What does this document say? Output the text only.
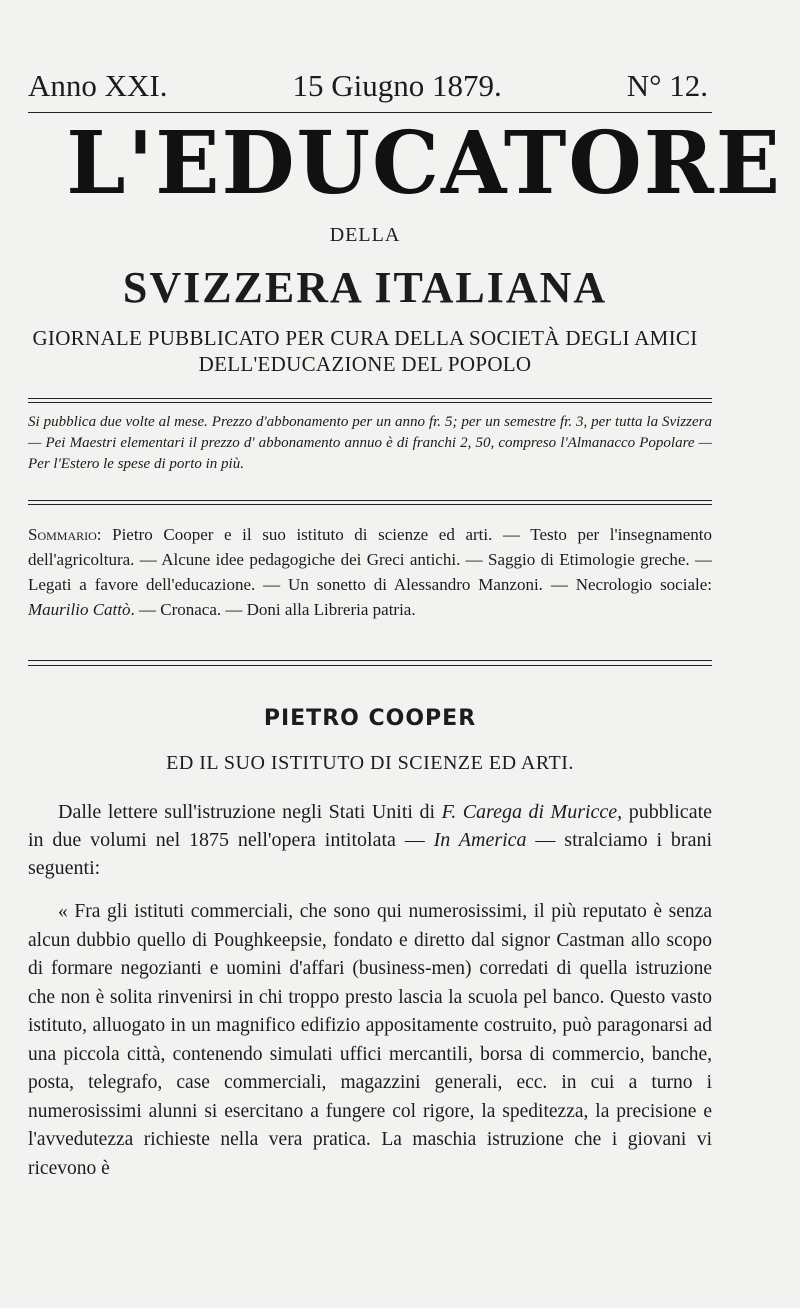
Anno XXI.	15 Giugno 1879.	N° 12.
L'EDUCATORE
DELLA
SVIZZERA ITALIANA
GIORNALE PUBBLICATO PER CURA DELLA SOCIETÀ DEGLI AMICI
DELL'EDUCAZIONE DEL POPOLO
Si pubblica due volte al mese. Prezzo d'abbonamento per un anno fr. 5; per un semestre fr. 3, per tutta la Svizzera — Pei Maestri elementari il prezzo d' abbonamento annuo è di franchi 2, 50, compreso l'Almanacco Popolare — Per l'Estero le spese di porto in più.
Sommario: Pietro Cooper e il suo istituto di scienze ed arti. — Testo per l'insegnamento dell'agricoltura. — Alcune idee pedagogiche dei Greci antichi. — Saggio di Etimologie greche. — Legati a favore dell'educazione. — Un sonetto di Alessandro Manzoni. — Necrologio sociale: Maurilio Cattò. — Cronaca. — Doni alla Libreria patria.
PIETRO COOPER
ED IL SUO ISTITUTO DI SCIENZE ED ARTI.
Dalle lettere sull'istruzione negli Stati Uniti di F. Carega di Muricce, pubblicate in due volumi nel 1875 nell'opera intitolata — In America — stralciamo i brani seguenti:
« Fra gli istituti commerciali, che sono qui numerosissimi, il più reputato è senza alcun dubbio quello di Poughkeepsie, fondato e diretto dal signor Castman allo scopo di formare negozianti e uomini d'affari (business-men) corredati di quella istruzione che non è solita rinvenirsi in chi troppo presto lascia la scuola pel banco. Questo vasto istituto, alluogato in un magnifico edifizio appositamente costruito, può paragonarsi ad una piccola città, contenendo simulati uffici mercantili, borsa di commercio, banche, posta, telegrafo, case commerciali, magazzini generali, ecc. in cui a turno i numerosissimi alunni si esercitano a fungere col rigore, la speditezza, la precisione e l'avvedutezza richieste nella vera pratica. La maschia istruzione che i giovani vi ricevono è
